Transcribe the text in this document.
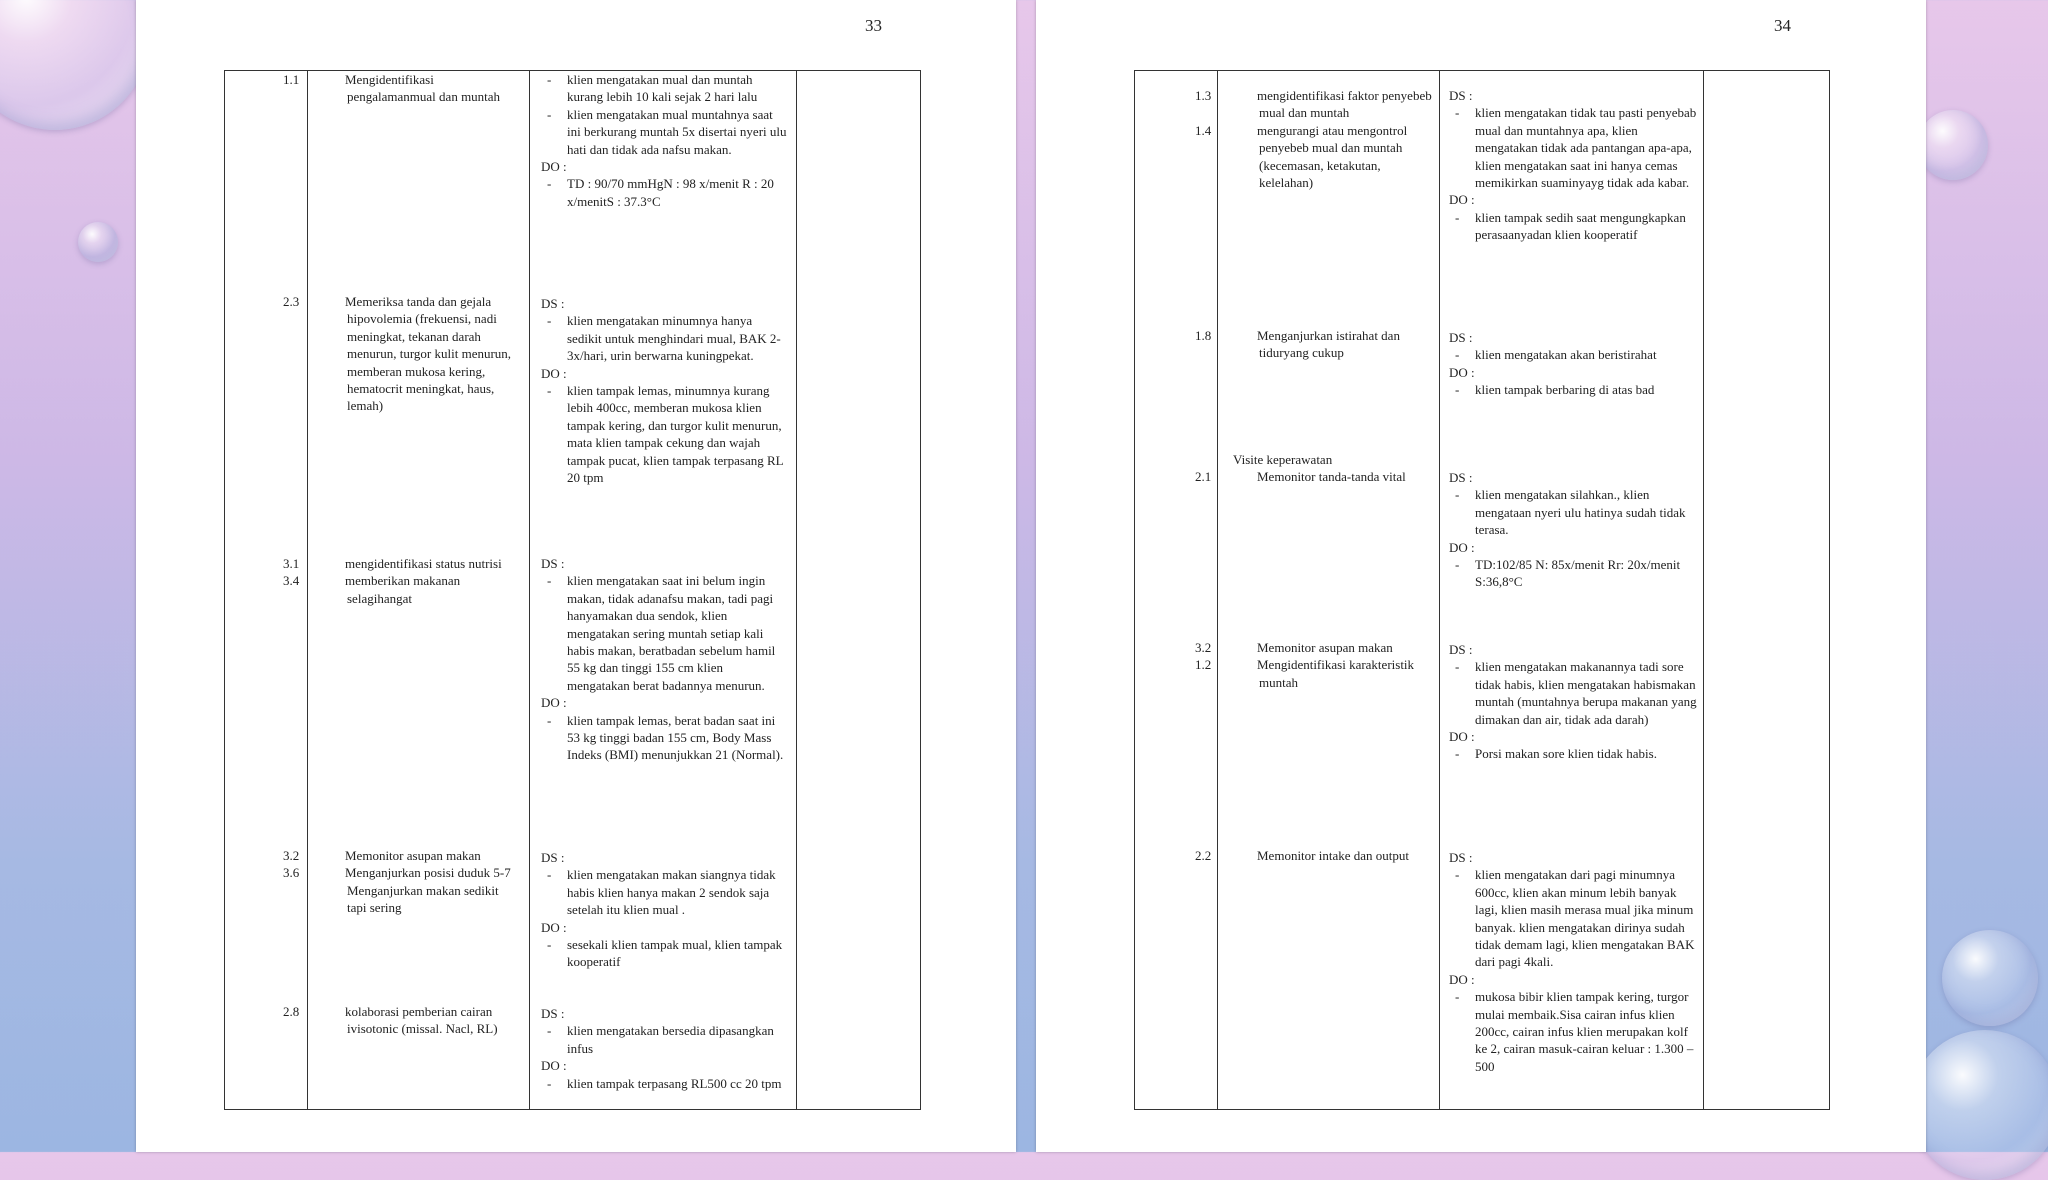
33
1.1	Mengidentifikasi pengalamanmual dan muntah
- klien mengatakan mual dan muntah kurang lebih 10 kali sejak 2 hari lalu
- klien mengatakan mual muntahnya saat ini berkurang muntah 5x disertai nyeri ulu hati dan tidak ada nafsu makan.
DO :
- TD : 90/70 mmHgN : 98 x/menit R : 20 x/menitS : 37.3°C
2.3	Memeriksa tanda dan gejala hipovolemia (frekuensi, nadi meningkat, tekanan darah menurun, turgor kulit menurun, memberan mukosa kering, hematocrit meningkat, haus, lemah)
DS :
- klien mengatakan minumnya hanya sedikit untuk menghindari mual, BAK 2- 3x/hari, urin berwarna kuningpekat.
DO :
- klien tampak lemas, minumnya kurang lebih 400cc, memberan mukosa klien tampak kering, dan turgor kulit menurun, mata klien tampak cekung dan wajah tampak pucat, klien tampak terpasang RL 20 tpm
3.1	mengidentifikasi status nutrisi
3.4	memberikan makanan selagihangat
DS :
- klien mengatakan saat ini belum ingin makan, tidak adanafsu makan, tadi pagi hanyamakan dua sendok, klien mengatakan sering muntah setiap kali habis makan, beratbadan sebelum hamil 55 kg dan tinggi 155 cm klien mengatakan berat badannya menurun.
DO :
- klien tampak lemas, berat badan saat ini 53 kg tinggi badan 155 cm, Body Mass Indeks (BMI) menunjukkan 21 (Normal).
3.2	Memonitor asupan makan
3.6	Menganjurkan posisi duduk 5-7 Menganjurkan makan sedikit tapi sering
DS :
- klien mengatakan makan siangnya tidak habis klien hanya makan 2 sendok saja setelah itu klien mual .
DO :
- sesekali klien tampak mual, klien tampak kooperatif
2.8	kolaborasi pemberian cairan ivisotonic (missal. Nacl, RL)
DS :
- klien mengatakan bersedia dipasangkan infus
DO :
- klien tampak terpasang RL500 cc 20 tpm
34
1.3	mengidentifikasi faktor penyebeb mual dan muntah
1.4	mengurangi atau mengontrol penyebeb mual dan muntah (kecemasan, ketakutan, kelelahan)
DS :
- klien mengatakan tidak tau pasti penyebab mual dan muntahnya apa, klien mengatakan tidak ada pantangan apa-apa, klien mengatakan saat ini hanya cemas memikirkan suaminyayg tidak ada kabar.
DO :
- klien tampak sedih saat mengungkapkan perasaanyadan klien kooperatif
1.8	Menganjurkan istirahat dan tiduryang cukup
DS :
- klien mengatakan akan beristirahat
DO :
- klien tampak berbaring di atas bad
Visite keperawatan
2.1	Memonitor tanda-tanda vital	DS :
- klien mengatakan silahkan., klien mengataan nyeri ulu hatinya sudah tidak terasa.
DO :
- TD:102/85 N: 85x/menit Rr: 20x/menit S:36,8°C
3.2	Memonitor asupan makan
1.2	Mengidentifikasi karakteristik muntah
DS :
- klien mengatakan makanannya tadi sore tidak habis, klien mengatakan habismakan muntah (muntahnya berupa makanan yang dimakan dan air, tidak ada darah)
DO :
- Porsi makan sore klien tidak habis.
2.2	Memonitor intake dan output	DS :
- klien mengatakan dari pagi minumnya 600cc, klien akan minum lebih banyak lagi, klien masih merasa mual jika minum banyak. klien mengatakan dirinya sudah tidak demam lagi, klien mengatakan BAK dari pagi 4kali.
DO :
- mukosa bibir klien tampak kering, turgor mulai membaik.Sisa cairan infus klien 200cc, cairan infus klien merupakan kolf ke 2, cairan masuk-cairan keluar : 1.300 –500
